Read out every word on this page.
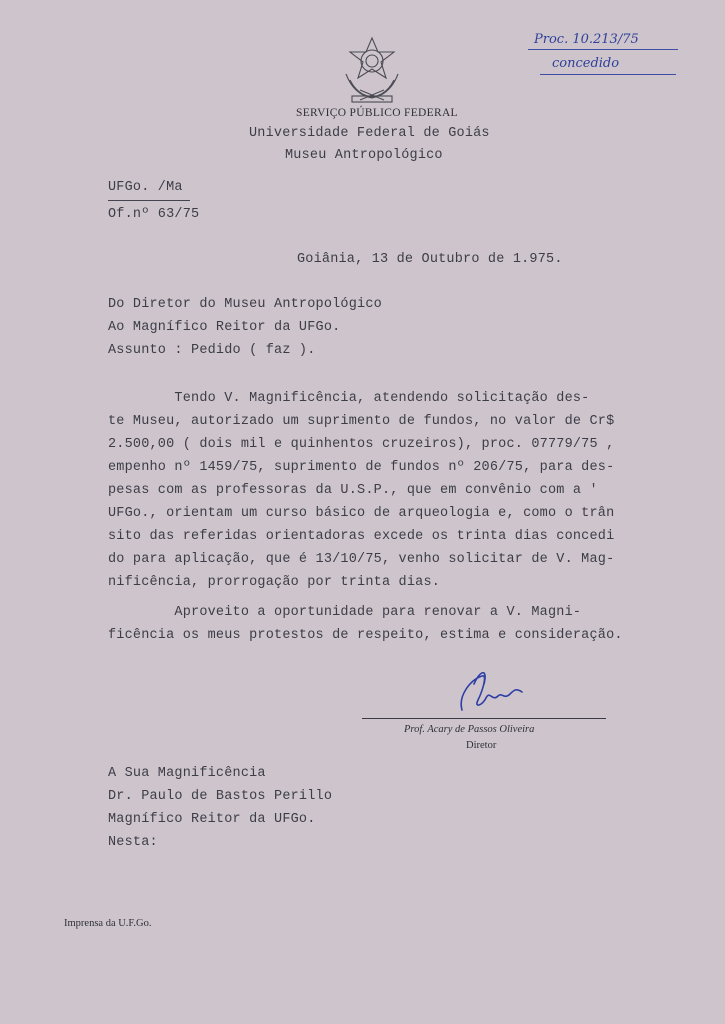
Proc. 10.213/75
concedido
SERVIÇO PÚBLICO FEDERAL
Universidade Federal de Goiás
Museu Antropológico
UFGo. /Ma
Of.nº 63/75
Goiânia, 13 de Outubro de 1.975.
Do Diretor do Museu Antropológico
Ao Magnífico Reitor da UFGo.
Assunto : Pedido ( faz ).
Tendo V. Magnificência, atendendo solicitação des-
te Museu, autorizado um suprimento de fundos, no valor de Cr$
2.500,00 ( dois mil e quinhentos cruzeiros), proc. 07779/75 ,
empenho nº 1459/75, suprimento de fundos nº 206/75, para des-
pesas com as professoras da U.S.P., que em convênio com a '
UFGo., orientam um curso básico de arqueologia e, como o trân
sito das referidas orientadoras excede os trinta dias concedi
do para aplicação, que é 13/10/75, venho solicitar de V. Mag-
nificência, prorrogação por trinta dias.
Aproveito a oportunidade para renovar a V. Magni-
ficência os meus protestos de respeito, estima e consideração.
Prof. Acary de Passos Oliveira
Diretor
A Sua Magnificência
Dr. Paulo de Bastos Perillo
Magnífico Reitor da UFGo.
Nesta:
Imprensa da U.F.Go.
